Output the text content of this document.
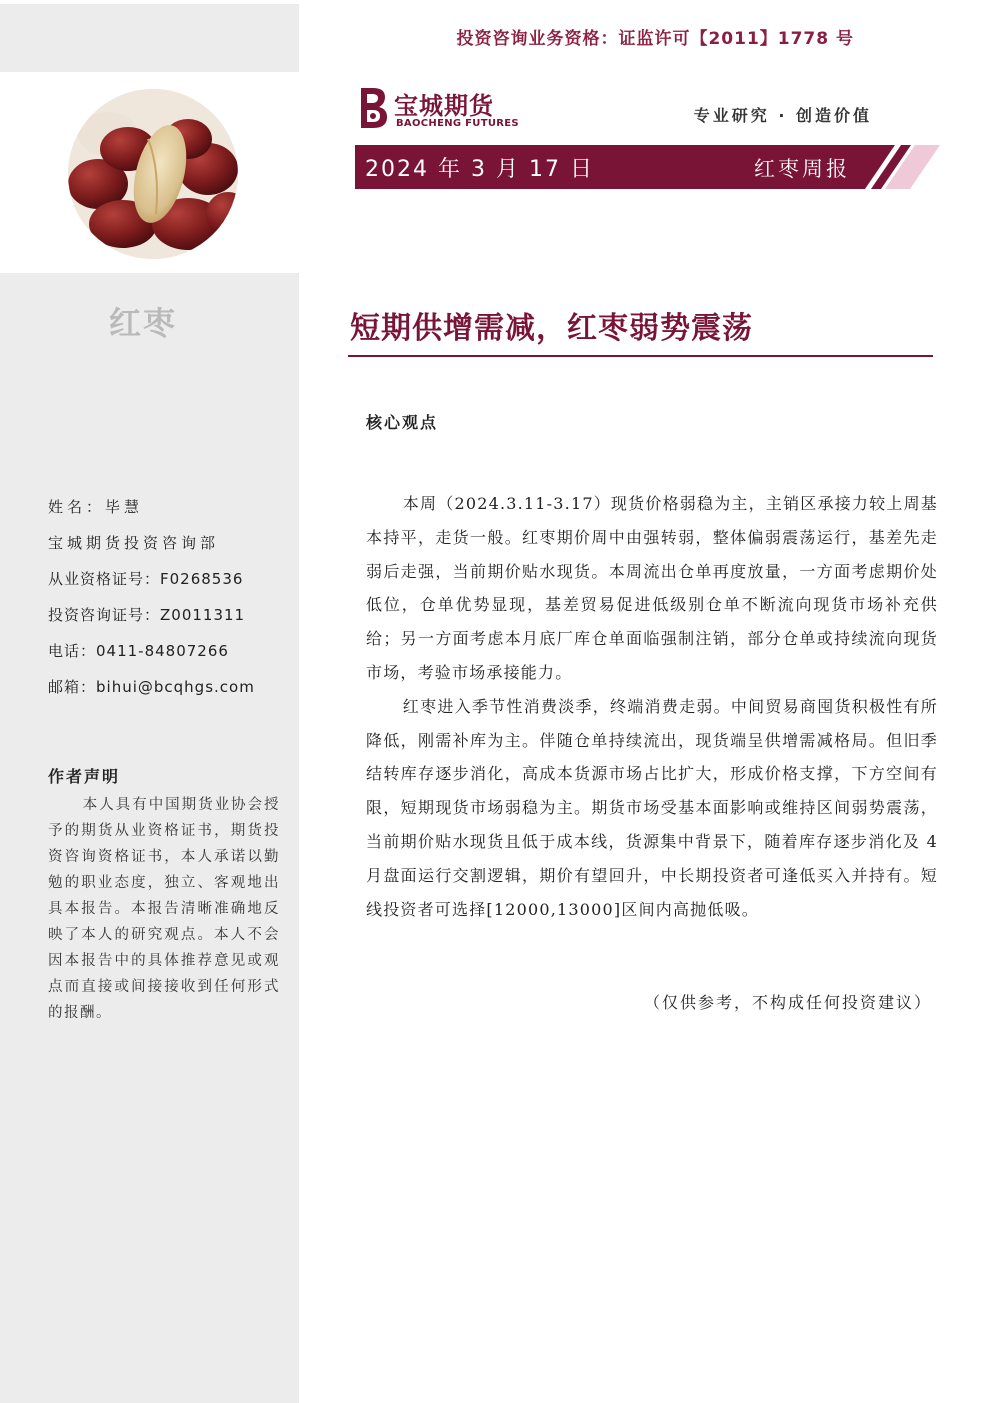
红枣
姓名：毕慧
宝城期货投资咨询部
从业资格证号：F0268536
投资咨询证号：Z0011311
电话：0411-84807266
邮箱：bihui@bcqhgs.com
作者声明
本人具有中国期货业协会授予的期货从业资格证书，期货投资咨询资格证书，本人承诺以勤勉的职业态度，独立、客观地出具本报告。本报告清晰准确地反映了本人的研究观点。本人不会因本报告中的具体推荐意见或观点而直接或间接接收到任何形式的报酬。
投资咨询业务资格：证监许可【2011】1778 号
宝城期货
BAOCHENG FUTURES	专业研究 · 创造价值
2024 年 3 月 17 日	红枣周报
短期供增需减，红枣弱势震荡
核心观点

本周（2024.3.11-3.17）现货价格弱稳为主，主销区承接力较上周基本持平，走货一般。红枣期价周中由强转弱，整体偏弱震荡运行，基差先走弱后走强，当前期价贴水现货。本周流出仓单再度放量，一方面考虑期价处低位，仓单优势显现，基差贸易促进低级别仓单不断流向现货市场补充供给；另一方面考虑本月底厂库仓单面临强制注销，部分仓单或持续流向现货市场，考验市场承接能力。

红枣进入季节性消费淡季，终端消费走弱。中间贸易商囤货积极性有所降低，刚需补库为主。伴随仓单持续流出，现货端呈供增需减格局。但旧季结转库存逐步消化，高成本货源市场占比扩大，形成价格支撑，下方空间有限，短期现货市场弱稳为主。期货市场受基本面影响或维持区间弱势震荡，当前期价贴水现货且低于成本线，货源集中背景下，随着库存逐步消化及 4 月盘面运行交割逻辑，期价有望回升，中长期投资者可逢低买入并持有。短线投资者可选择[12000,13000]区间内高抛低吸。

（仅供参考，不构成任何投资建议）
